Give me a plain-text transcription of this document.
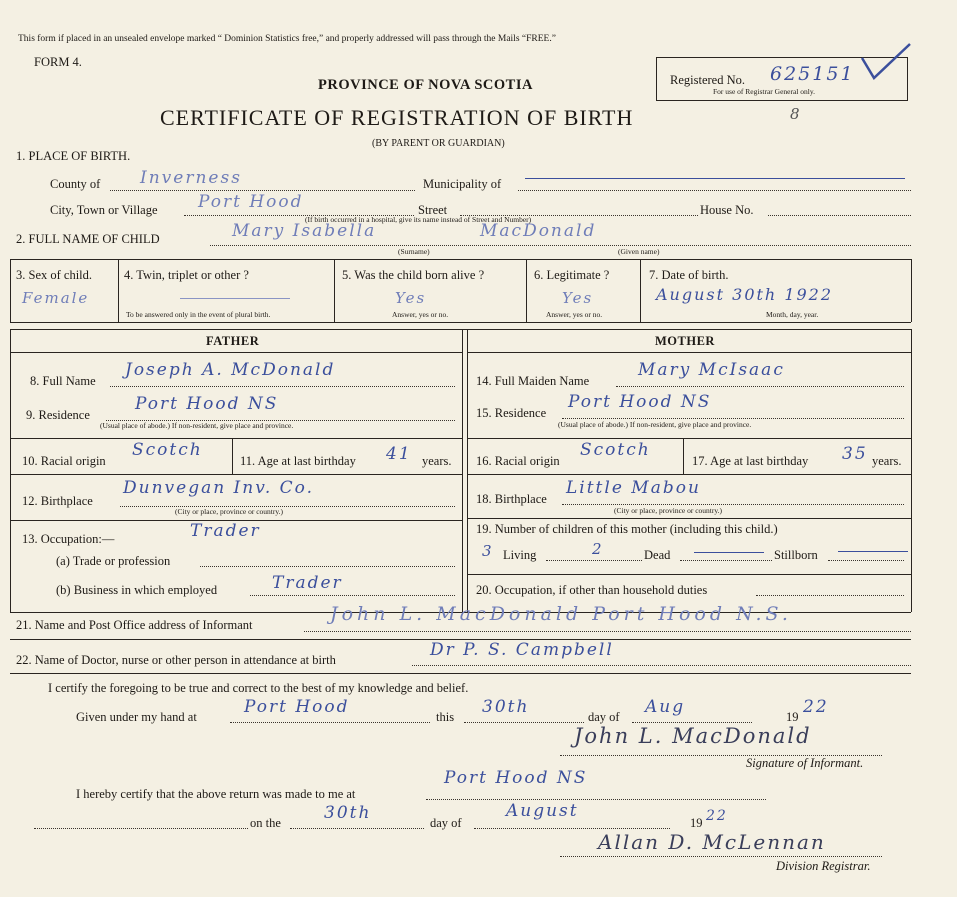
This form if placed in an unsealed envelope marked “ Dominion Statistics free,” and properly addressed will pass through the Mails “FREE.”
FORM 4.
PROVINCE OF NOVA SCOTIA
CERTIFICATE OF REGISTRATION OF BIRTH
(BY PARENT OR GUARDIAN)
Registered No. 625151
For use of Registrar General only.
8
1. PLACE OF BIRTH.
County of Inverness	Municipality of
City, Town or Village Port Hood	Street	House No.
(If birth occurred in a hospital, give its name instead of Street and Number)
2. FULL NAME OF CHILD	Mary Isabella	MacDonald
(Surname)	(Given name)
3. Sex of child.
Female
4. Twin, triplet or other ?
To be answered only in the event of plural birth.
5. Was the child born alive ?
Yes
Answer, yes or no.
6. Legitimate ?
Yes
Answer, yes or no.
7. Date of birth.
August 30th 1922
Month, day, year.
FATHER	MOTHER
8. Full Name
Joseph A. McDonald
9. Residence
Port Hood NS
(Usual place of abode.) If non-resident, give place and province.
10. Racial origin
Scotch
11. Age at last birthday 41 years.
12. Birthplace
Dunvegan Inv. Co.
(City or place, province or country.)
13. Occupation:—	Trader
(a) Trade or profession
(b) Business in which employed	Trader
14. Full Maiden Name
Mary McIsaac
15. Residence
Port Hood NS
(Usual place of abode.) If non-resident, give place and province.
16. Racial origin
Scotch
17. Age at last birthday 35 years.
18. Birthplace
Little Mabou
(City or place, province or country.)
19. Number of children of this mother (including this child.)
3 Living	2	Dead	Stillborn
20. Occupation, if other than household duties
21. Name and Post Office address of Informant	John L. MacDonald Port Hood N.S.
22. Name of Doctor, nurse or other person in attendance at birth	Dr P. S. Campbell
I certify the foregoing to be true and correct to the best of my knowledge and belief.
Given under my hand at	Port Hood	this 30th	day of Aug	19 22
John L. MacDonald
Signature of Informant.
I hereby certify that the above return was made to me at
Port Hood NS
on the	30th	day of
August
19 22
Allan D. McLennan
Division Registrar.
